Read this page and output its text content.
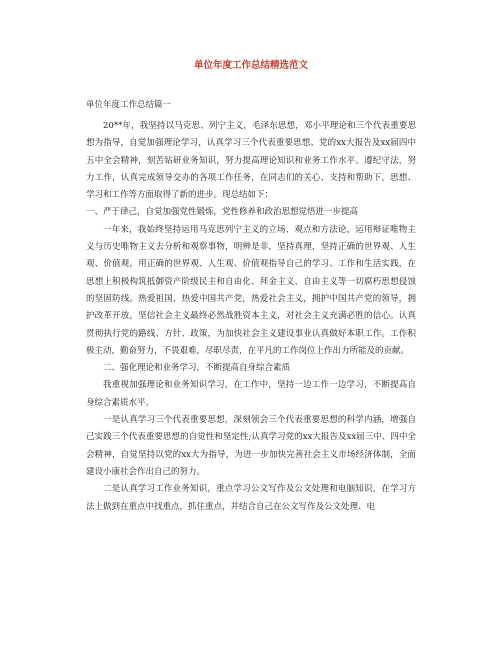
单位年度工作总结精选范文
单位年度工作总结篇一

20**年，我坚持以马克思、列宁主义，毛泽东思想，邓小平理论和三个代表重要思想为指导，自觉加强理论学习，认真学习三个代表重要思想、党的xx大报告及xx届四中五中全会精神，刻苦钻研业务知识，努力提高理论知识和业务工作水平。遵纪守法，努力工作，认真完成领导交办的各项工作任务，在同志们的关心、支持和帮助下，思想、学习和工作等方面取得了新的进步。现总结如下：

一、严于律己，自觉加强党性锻炼，党性修养和政治思想觉悟进一步提高

一年来，我始终坚持运用马克思列宁主义的立场、观点和方法论，运用辩证唯物主义与历史唯物主义去分析和观察事物，明辨是非，坚持真理，坚持正确的世界观、人生观、价值观，用正确的世界观、人生观、价值观指导自己的学习、工作和生活实践，在思想上积极构筑抵御资产阶级民主和自由化、拜金主义、自由主义等一切腐朽思想侵蚀的坚固防线。热爱祖国，热爱中国共产党，热爱社会主义，拥护中国共产党的领导，拥护改革开放，坚信社会主义最终必然战胜资本主义，对社会主义充满必胜的信心。认真贯彻执行党的路线、方针、政策，为加快社会主义建设事业认真做好本职工作。工作积极主动，勤奋努力，不畏艰难，尽职尽责，在平凡的工作岗位上作出力所能及的贡献。

二、强化理论和业务学习，不断提高自身综合素质

我重视加强理论和业务知识学习，在工作中，坚持一边工作一边学习，不断提高自身综合素质水平。

一是认真学习三个代表重要思想，深刻领会三个代表重要思想的科学内涵，增强自己实践三个代表重要思想的自觉性和坚定性;认真学习党的xx大报告及xx届三中、四中全会精神，自觉坚持以党的xx大为指导，为进一步加快完善社会主义市场经济体制，全面建设小康社会作出自己的努力。

二是认真学习工作业务知识，重点学习公文写作及公文处理和电脑知识，在学习方法上做到在重点中找重点，抓住重点，并结合自己在公文写作及公文处理、电
